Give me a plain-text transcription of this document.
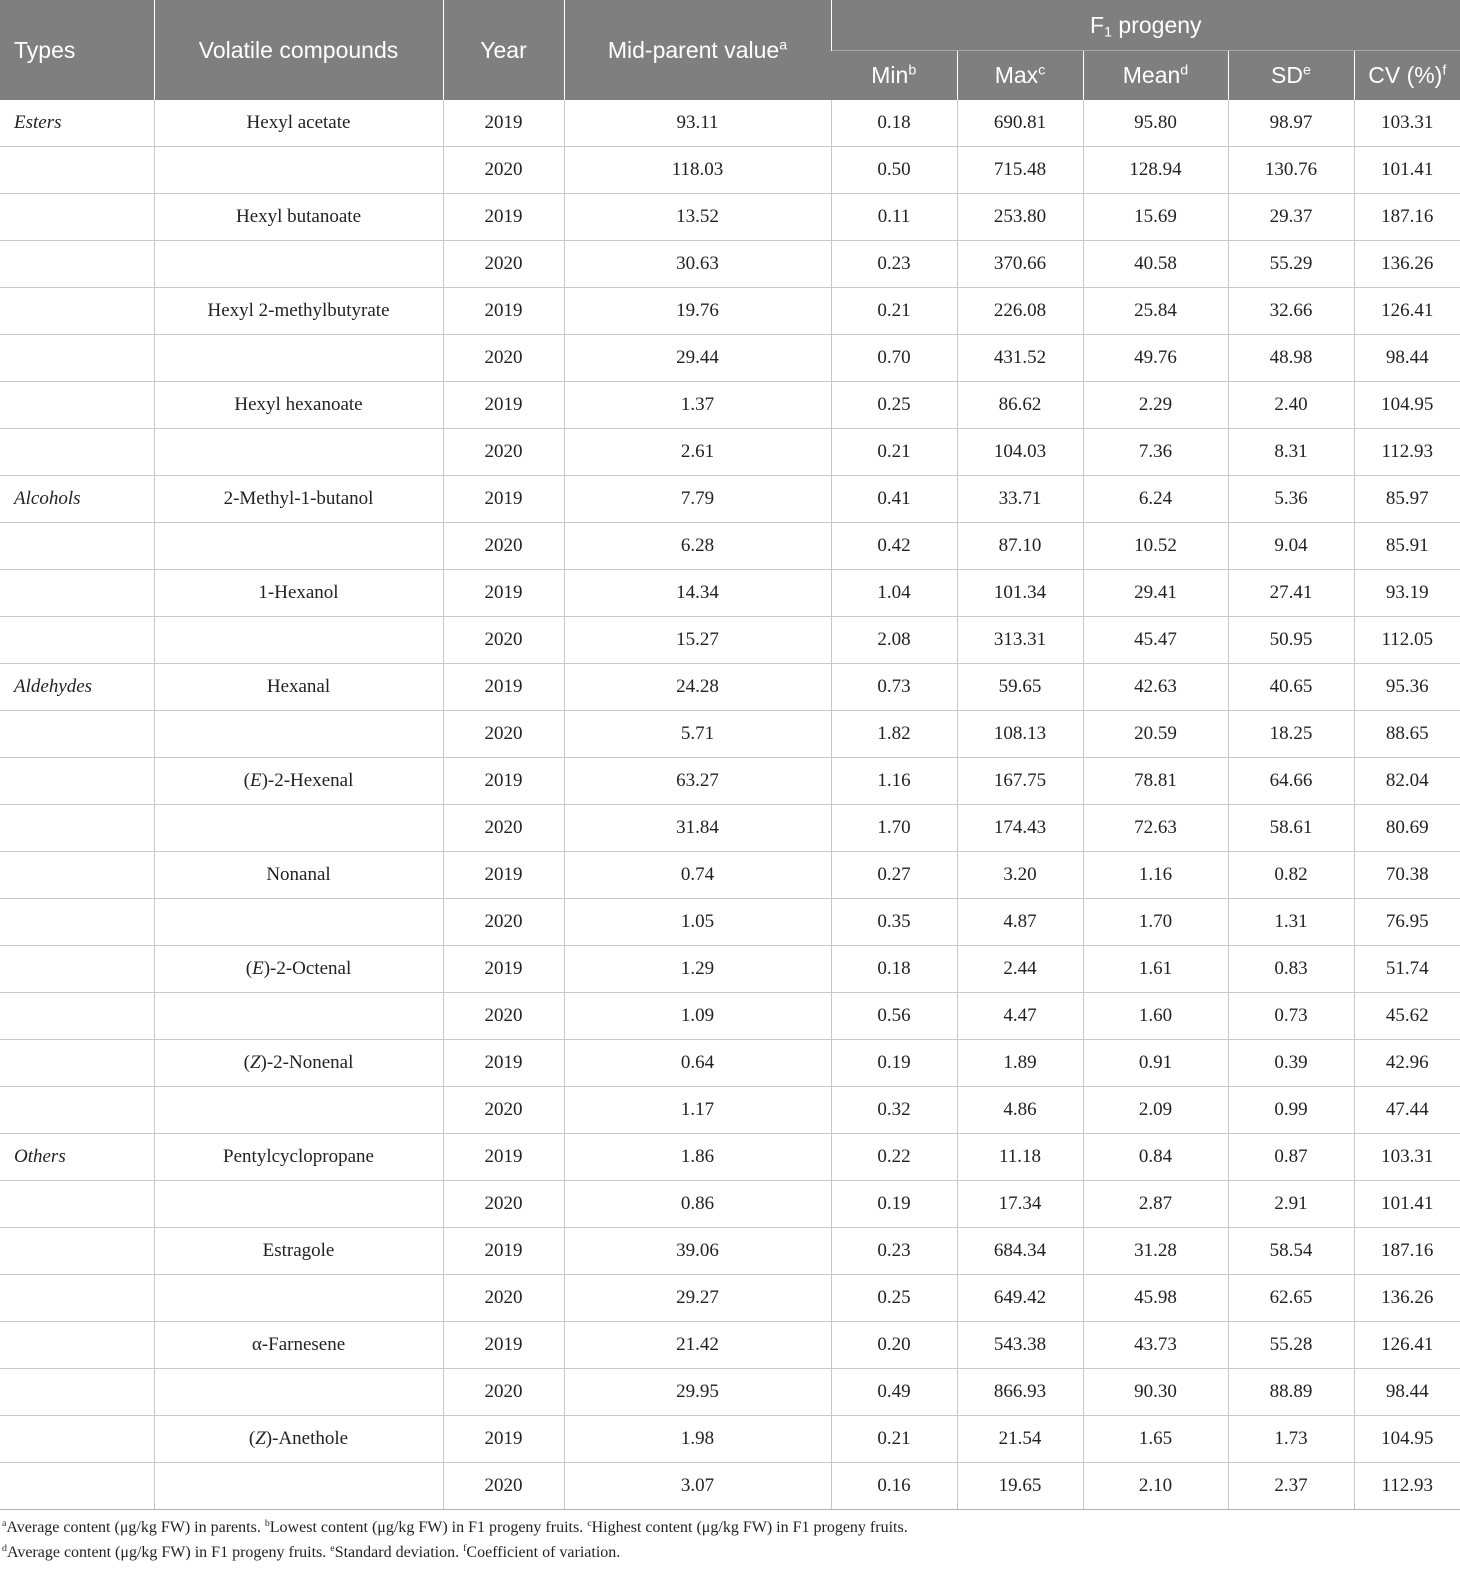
Types	Volatile compounds	Year	Mid-parent value$^a$	$F_1$ progeny				
				Min$^b$	Max$^c$	Mean$^d$	$SD^e$	CV (%)$^f$
Esters	Hexyl acetate	2019	93.11	0.18	690.81	95.80	98.97	103.31
		2020	118.03	0.50	715.48	128.94	130.76	101.41
	Hexyl butanoate	2019	13.52	0.11	253.80	15.69	29.37	187.16
		2020	30.63	0.23	370.66	40.58	55.29	136.26
	Hexyl 2-methylbutyrate	2019	19.76	0.21	226.08	25.84	32.66	126.41
		2020	29.44	0.70	431.52	49.76	48.98	98.44
	Hexyl hexanoate	2019	1.37	0.25	86.62	2.29	2.40	104.95
		2020	2.61	0.21	104.03	7.36	8.31	112.93
Alcohols	2-Methyl-1-butanol	2019	7.79	0.41	33.71	6.24	5.36	85.97
		2020	6.28	0.42	87.10	10.52	9.04	85.91
	1-Hexanol	2019	14.34	1.04	101.34	29.41	27.41	93.19
		2020	15.27	2.08	313.31	45.47	50.95	112.05
Aldehydes	Hexanal	2019	24.28	0.73	59.65	42.63	40.65	95.36
		2020	5.71	1.82	108.13	20.59	18.25	88.65
	(E)-2-Hexenal	2019	63.27	1.16	167.75	78.81	64.66	82.04
		2020	31.84	1.70	174.43	72.63	58.61	80.69
	Nonanal	2019	0.74	0.27	3.20	1.16	0.82	70.38
		2020	1.05	0.35	4.87	1.70	1.31	76.95
	(E)-2-Octenal	2019	1.29	0.18	2.44	1.61	0.83	51.74
		2020	1.09	0.56	4.47	1.60	0.73	45.62
	(Z)-2-Nonenal	2019	0.64	0.19	1.89	0.91	0.39	42.96
		2020	1.17	0.32	4.86	2.09	0.99	47.44
Others	Pentylcyclopropane	2019	1.86	0.22	11.18	0.84	0.87	103.31
		2020	0.86	0.19	17.34	2.87	2.91	101.41
	Estragole	2019	39.06	0.23	684.34	31.28	58.54	187.16
		2020	29.27	0.25	649.42	45.98	62.65	136.26
	α-Farnesene	2019	21.42	0.20	543.38	43.73	55.28	126.41
		2020	29.95	0.49	866.93	90.30	88.89	98.44
	(Z)-Anethole	2019	1.98	0.21	21.54	1.65	1.73	104.95
		2020	3.07	0.16	19.65	2.10	2.37	112.93
$^a$Average content (μg/kg FW) in parents. $^b$Lowest content (μg/kg FW) in F1 progeny fruits. $^c$Highest content (μg/kg FW) in F1 progeny fruits.
$^d$Average content (μg/kg FW) in F1 progeny fruits. $^e$Standard deviation. $^f$Coefficient of variation.
